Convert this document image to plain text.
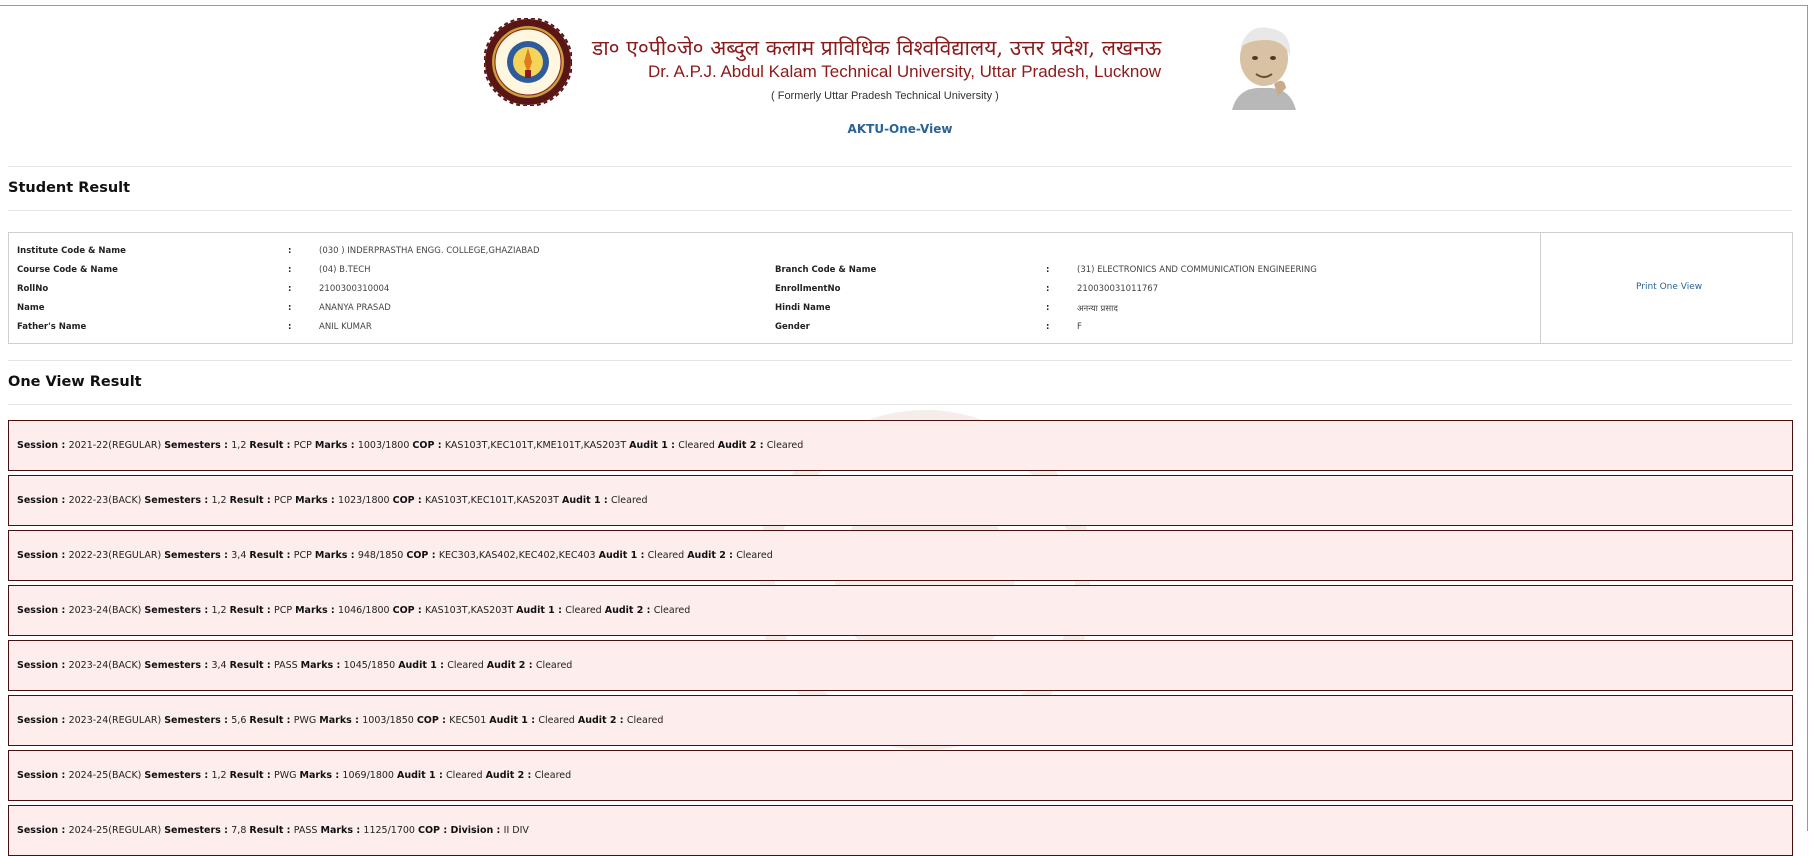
डा० ए०पी०जे० अब्दुल कलाम प्राविधिक विश्वविद्यालय, उत्तर प्रदेश, लखनऊ
Dr. A.P.J. Abdul Kalam Technical University, Uttar Pradesh, Lucknow
( Formerly Uttar Pradesh Technical University )
AKTU-One-View
Student Result
Institute Code & Name	:	(030 ) INDERPRASTHA ENGG. COLLEGE,GHAZIABAD
Course Code & Name	:	(04) B.TECH
RollNo	:	2100300310004
Name	:	ANANYA PRASAD
Father's Name	:	ANIL KUMAR
Branch Code & Name	:	(31) ELECTRONICS AND COMMUNICATION ENGINEERING
EnrollmentNo	:	210030031011767
Hindi Name	:	अनन्या प्रसाद
Gender	:	F
Print One View
One View Result
Session : 2021-22(REGULAR) Semesters : 1,2 Result : PCP Marks : 1003/1800 COP : KAS103T,KEC101T,KME101T,KAS203T Audit 1 : Cleared Audit 2 : Cleared
Session : 2022-23(BACK) Semesters : 1,2 Result : PCP Marks : 1023/1800 COP : KAS103T,KEC101T,KAS203T Audit 1 : Cleared
Session : 2022-23(REGULAR) Semesters : 3,4 Result : PCP Marks : 948/1850 COP : KEC303,KAS402,KEC402,KEC403 Audit 1 : Cleared Audit 2 : Cleared
Session : 2023-24(BACK) Semesters : 1,2 Result : PCP Marks : 1046/1800 COP : KAS103T,KAS203T Audit 1 : Cleared Audit 2 : Cleared
Session : 2023-24(BACK) Semesters : 3,4 Result : PASS Marks : 1045/1850 Audit 1 : Cleared Audit 2 : Cleared
Session : 2023-24(REGULAR) Semesters : 5,6 Result : PWG Marks : 1003/1850 COP : KEC501 Audit 1 : Cleared Audit 2 : Cleared
Session : 2024-25(BACK) Semesters : 1,2 Result : PWG Marks : 1069/1800 Audit 1 : Cleared Audit 2 : Cleared
Session : 2024-25(REGULAR) Semesters : 7,8 Result : PASS Marks : 1125/1700 COP : Division : II DIV
